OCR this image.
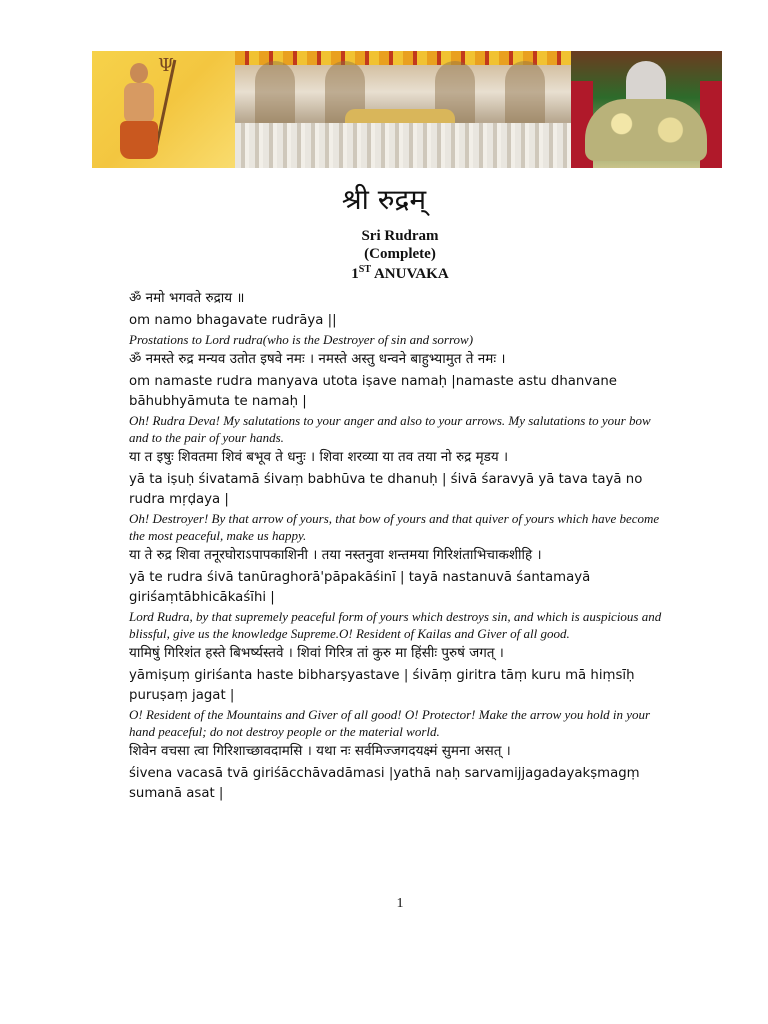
Ψ
श्री रुद्रम्
Sri Rudram
(Complete)
1ST ANUVAKA

ॐ नमो भगवते रुद्राय ॥

om namo bhagavate rudrāya ||

Prostations to Lord rudra(who is the Destroyer of sin and sorrow)

ॐ नमस्ते रुद्र मन्यव उतोत इषवे नमः । नमस्ते अस्तु धन्वने बाहुभ्यामुत ते नमः ।

om namaste rudra manyava utota iṣave namaḥ |namaste astu dhanvane bāhubhyāmuta te namaḥ |

Oh! Rudra Deva! My salutations to your anger and also to your arrows. My salutations to your bow and to the pair of your hands.

या त इषुः शिवतमा शिवं बभूव ते धनुः । शिवा शरव्या या तव तया नो रुद्र मृडय ।

yā ta iṣuḥ śivatamā śivaṃ babhūva te dhanuḥ | śivā śaravyā yā tava tayā no rudra mṛḍaya |

Oh! Destroyer! By that arrow of yours, that bow of yours and that quiver of yours which have become the most peaceful, make us happy.

या ते रुद्र शिवा तनूरघोराऽपापकाशिनी । तया नस्तनुवा शन्तमया गिरिशंताभिचाकशीहि ।

yā te rudra śivā tanūraghorā'pāpakāśinī | tayā nastanuvā śantamayā giriśaṃtābhicākaśīhi |

Lord Rudra, by that supremely peaceful form of yours which destroys sin, and which is auspicious and blissful, give us the knowledge Supreme.O! Resident of Kailas and Giver of all good.

यामिषुं गिरिशंत हस्ते बिभर्ष्यस्तवे । शिवां गिरित्र तां कुरु मा हिंसीः पुरुषं जगत् ।

yāmiṣuṃ giriśanta haste bibharṣyastave | śivāṃ giritra tāṃ kuru mā hiṃsīḥ puruṣaṃ jagat |

O! Resident of the Mountains and Giver of all good! O! Protector! Make the arrow you hold in your hand peaceful; do not destroy people or the material world.

शिवेन वचसा त्वा गिरिशाच्छावदामसि । यथा नः सर्वमिज्जगदयक्ष्मं सुमना असत् ।

śivena vacasā tvā giriśācchāvadāmasi |yathā naḥ sarvamijjagadayakṣmagṃ sumanā asat |

1
